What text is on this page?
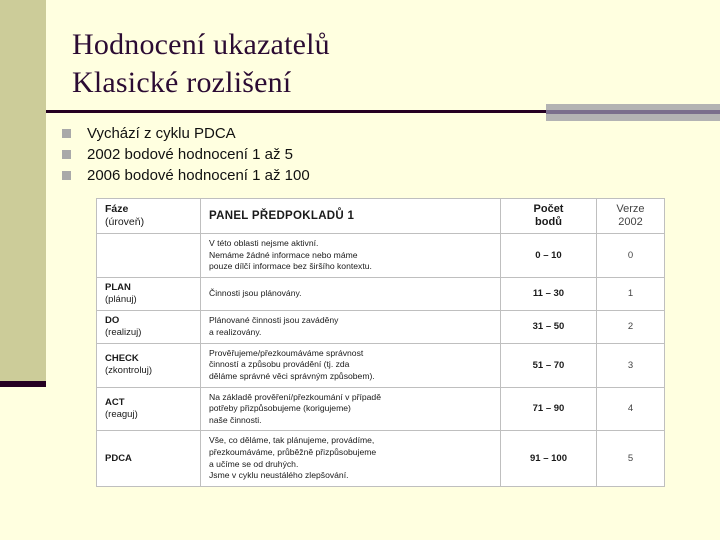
Hodnocení ukazatelů
Klasické rozlišení
Vychází z cyklu PDCA
2002 bodové hodnocení 1 až 5
2006 bodové hodnocení 1 až 100
Fáze
(úroveň)	PANEL PŘEDPOKLADŮ 1	Počet
bodů	Verze
2002

	V této oblasti nejsme aktivní.
Nemáme žádné informace nebo máme
pouze dílčí informace bez širšího kontextu.	0 – 10	0
PLAN
(plánuj)	Činnosti jsou plánovány.	11 – 30	1
DO
(realizuj)	Plánované činnosti jsou zaváděny
a realizovány.	31 – 50	2
CHECK
(zkontroluj)	Prověřujeme/přezkoumáváme správnost
činností a způsobu provádění (tj. zda
děláme správné věci správným způsobem).	51 – 70	3
ACT
(reaguj)	Na základě prověření/přezkoumání v případě
potřeby přizpůsobujeme (korigujeme)
naše činnosti.	71 – 90	4
PDCA	Vše, co děláme, tak plánujeme, provádíme,
přezkoumáváme, průběžně přizpůsobujeme
a učíme se od druhých.
Jsme v cyklu neustálého zlepšování.	91 – 100	5
